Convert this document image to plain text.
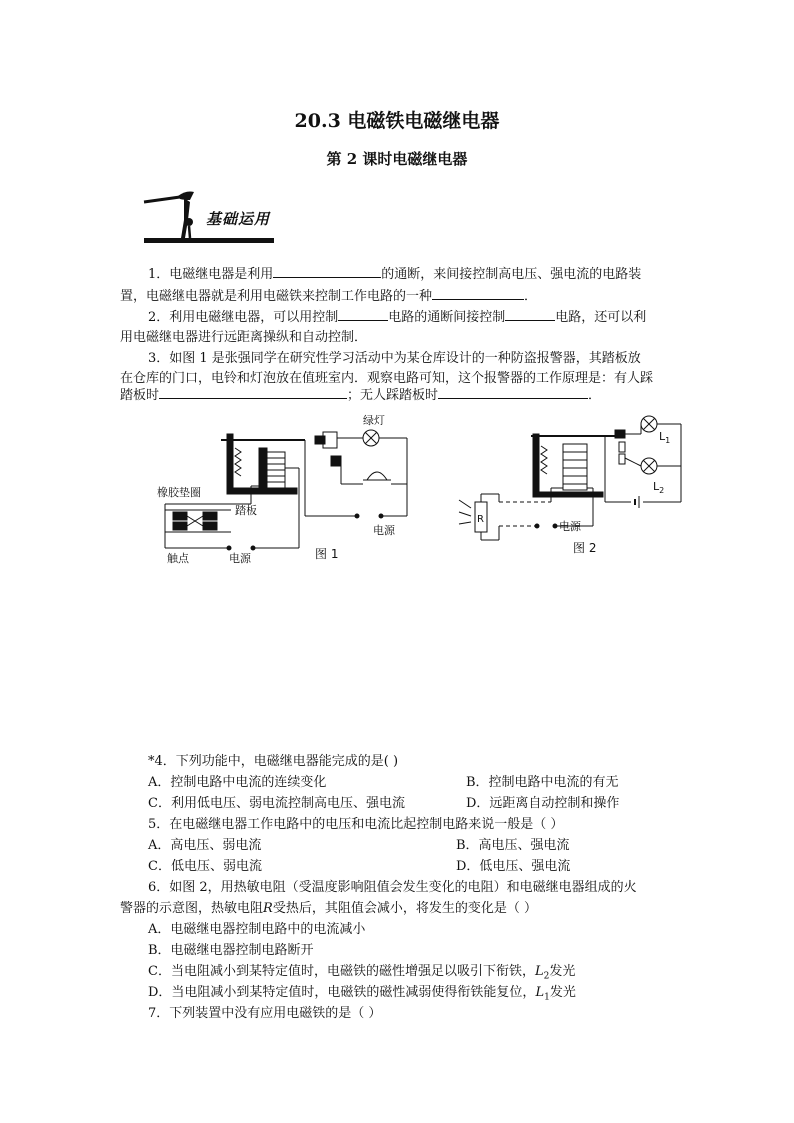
20.3 电磁铁电磁继电器
第 2 课时电磁继电器
基础运用
1．电磁继电器是利用	的通断，来间接控制高电压、强电流的电路装
置，电磁继电器就是利用电磁铁来控制工作电路的一种	．
2．利用电磁继电器，可以用控制	电路的通断间接控制	电路，还可以利
用电磁继电器进行远距离操纵和自动控制．
3．如图 1 是张强同学在研究性学习活动中为某仓库设计的一种防盗报警器，其踏板放
在仓库的门口，电铃和灯泡放在值班室内．观察电路可知，这个报警器的工作原理是：有人踩
踏板时	；无人踩踏板时	．
绿灯
橡胶垫圈
踏板
触点	电源
电源
图 1
R
$L_1$
$L_2$
电源
图 2
*4．下列功能中，电磁继电器能完成的是( )
A．控制电路中电流的连续变化	B．控制电路中电流的有无
C．利用低电压、弱电流控制高电压、强电流	D．远距离自动控制和操作
5．在电磁继电器工作电路中的电压和电流比起控制电路来说一般是（ ）
A．高电压、弱电流	B．高电压、强电流
C．低电压、弱电流	D．低电压、强电流
6．如图 2，用热敏电阻（受温度影响阻值会发生变化的电阻）和电磁继电器组成的火
警器的示意图，热敏电阻R受热后，其阻值会减小，将发生的变化是（ ）
A．电磁继电器控制电路中的电流减小
B．电磁继电器控制电路断开
C．当电阻减小到某特定值时，电磁铁的磁性增强足以吸引下衔铁，$L_2$发光
D．当电阻减小到某特定值时，电磁铁的磁性减弱使得衔铁能复位，$L_1$发光
7．下列装置中没有应用电磁铁的是（ ）
